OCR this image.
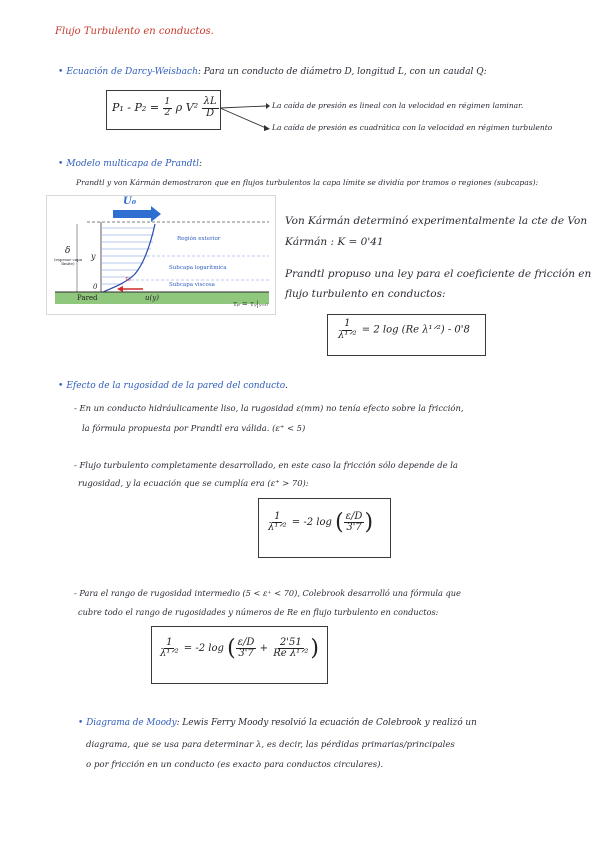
Flujo Turbulento en conductos.
• Ecuación de Darcy-Weisbach: Para un conducto de diámetro D, longitud L, con un caudal Q:
$P_1 - P_2 = \frac{1}{2}$ ρ $V^2 \frac{\lambda L}{D}$	La caída de presión es lineal con la velocidad en régimen laminar.
La caída de presión es cuadrática con la velocidad en régimen turbulento
• Modelo multicapa de Prandtl:
Prandtl y von Kármán demostraron que en flujos turbulentos la capa límite se dividía por tramos o regiones (subcapas):
U₀
δ
(espesor capa límite)
y
0
τₚ
Pared	u(y)
Región exterior
Subcapa logarítmica
Subcapa viscosa
τₚ = τᵧ|ᵧ₌₀
Von Kármán determinó experimentalmente la cte de Von
Kármán : K = 0'41
Prandtl propuso una ley para el coeficiente de fricción en
flujo turbulento en conductos:
$\frac{1}{\text{λ¹ᐟ²}} = 2$ log (Re λ¹ᐟ²) - 0'8
• Efecto de la rugosidad de la pared del conducto.
- En un conducto hidráulicamente liso, la rugosidad ε(mm) no tenía efecto sobre la fricción,
la fórmula propuesta por Prandtl era válida. (ε⁺ < 5)
- Flujo turbulento completamente desarrollado, en este caso la fricción sólo depende de la
rugosidad, y la ecuación que se cumplía era (ε⁺ > 70):
$\frac{1}{\text{λ¹ᐟ²}} = -2$ log ( $\frac{\varepsilon/D}{3'7}$ )
- Para el rango de rugosidad intermedio (5 < ε⁺ < 70), Colebrook desarrolló una fórmula que
cubre todo el rango de rugosidades y números de Re en flujo turbulento en conductos:
$\frac{1}{\text{λ¹ᐟ²}} = -2$ log ( $\frac{\varepsilon/D}{3'7} + \frac{2'51}{\text{Re λ¹ᐟ²}}$ )
• Diagrama de Moody: Lewis Ferry Moody resolvió la ecuación de Colebrook y realizó un
diagrama, que se usa para determinar λ, es decir, las pérdidas primarias/principales
o por fricción en un conducto (es exacto para conductos circulares).
